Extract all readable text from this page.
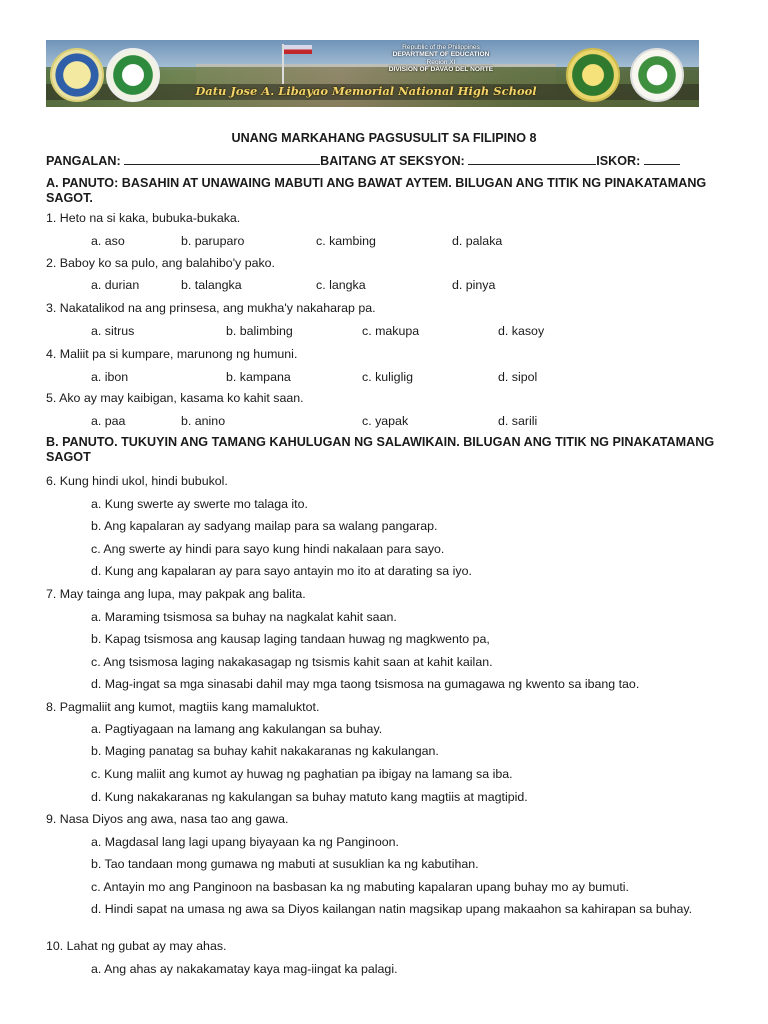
Republic of the Philippines
DEPARTMENT OF EDUCATION
Region XI
DIVISION OF DAVAO DEL NORTE
Datu Jose A. Libayao Memorial National High School
UNANG MARKAHANG PAGSUSULIT SA FILIPINO 8
PANGALAN:	BAITANG AT SEKSYON:	ISKOR:
A. PANUTO: BASAHIN AT UNAWAING MABUTI ANG BAWAT AYTEM. BILUGAN ANG TITIK NG PINAKATAMANG SAGOT.
1. Heto na si kaka, bubuka-bukaka.
a. aso	b. paruparo	c. kambing	d. palaka
2. Baboy ko sa pulo, ang balahibo'y pako.
a. durian	b. talangka	c. langka	d. pinya
3. Nakatalikod na ang prinsesa, ang mukha'y nakaharap pa.
a. sitrus	b. balimbing	c. makupa	d. kasoy
4. Maliit pa si kumpare, marunong ng humuni.
a. ibon	b. kampana	c. kuliglig	d. sipol
5. Ako ay may kaibigan, kasama ko kahit saan.
a. paa	b. anino	c. yapak	d. sarili
B. PANUTO. TUKUYIN ANG TAMANG KAHULUGAN NG SALAWIKAIN. BILUGAN ANG TITIK NG PINAKATAMANG SAGOT
6. Kung hindi ukol, hindi bubukol.
a. Kung swerte ay swerte mo talaga ito.
b. Ang kapalaran ay sadyang mailap para sa walang pangarap.
c. Ang swerte ay hindi para sayo kung hindi nakalaan para sayo.
d. Kung ang kapalaran ay para sayo antayin mo ito at darating sa iyo.
7. May tainga ang lupa, may pakpak ang balita.
a. Maraming tsismosa sa buhay na nagkalat kahit saan.
b. Kapag tsismosa ang kausap laging tandaan huwag ng magkwento pa,
c. Ang tsismosa laging nakakasagap ng tsismis kahit saan at kahit kailan.
d. Mag-ingat sa mga sinasabi dahil may mga taong tsismosa na gumagawa ng kwento sa ibang tao.
8. Pagmaliit ang kumot, magtiis kang mamaluktot.
a. Pagtiyagaan na lamang ang kakulangan sa buhay.
b. Maging panatag sa buhay kahit nakakaranas ng kakulangan.
c. Kung maliit ang kumot ay huwag ng paghatian pa ibigay na lamang sa iba.
d. Kung nakakaranas ng kakulangan sa buhay matuto kang magtiis at magtipid.
9. Nasa Diyos ang awa, nasa tao ang gawa.
a. Magdasal lang lagi upang biyayaan ka ng Panginoon.
b. Tao tandaan mong gumawa ng mabuti at susuklian ka ng kabutihan.
c. Antayin mo ang Panginoon na basbasan ka ng mabuting kapalaran upang buhay mo ay bumuti.
d. Hindi sapat na umasa ng awa sa Diyos kailangan natin magsikap upang makaahon sa kahirapan sa buhay.
10. Lahat ng gubat ay may ahas.
a. Ang ahas ay nakakamatay kaya mag-iingat ka palagi.
